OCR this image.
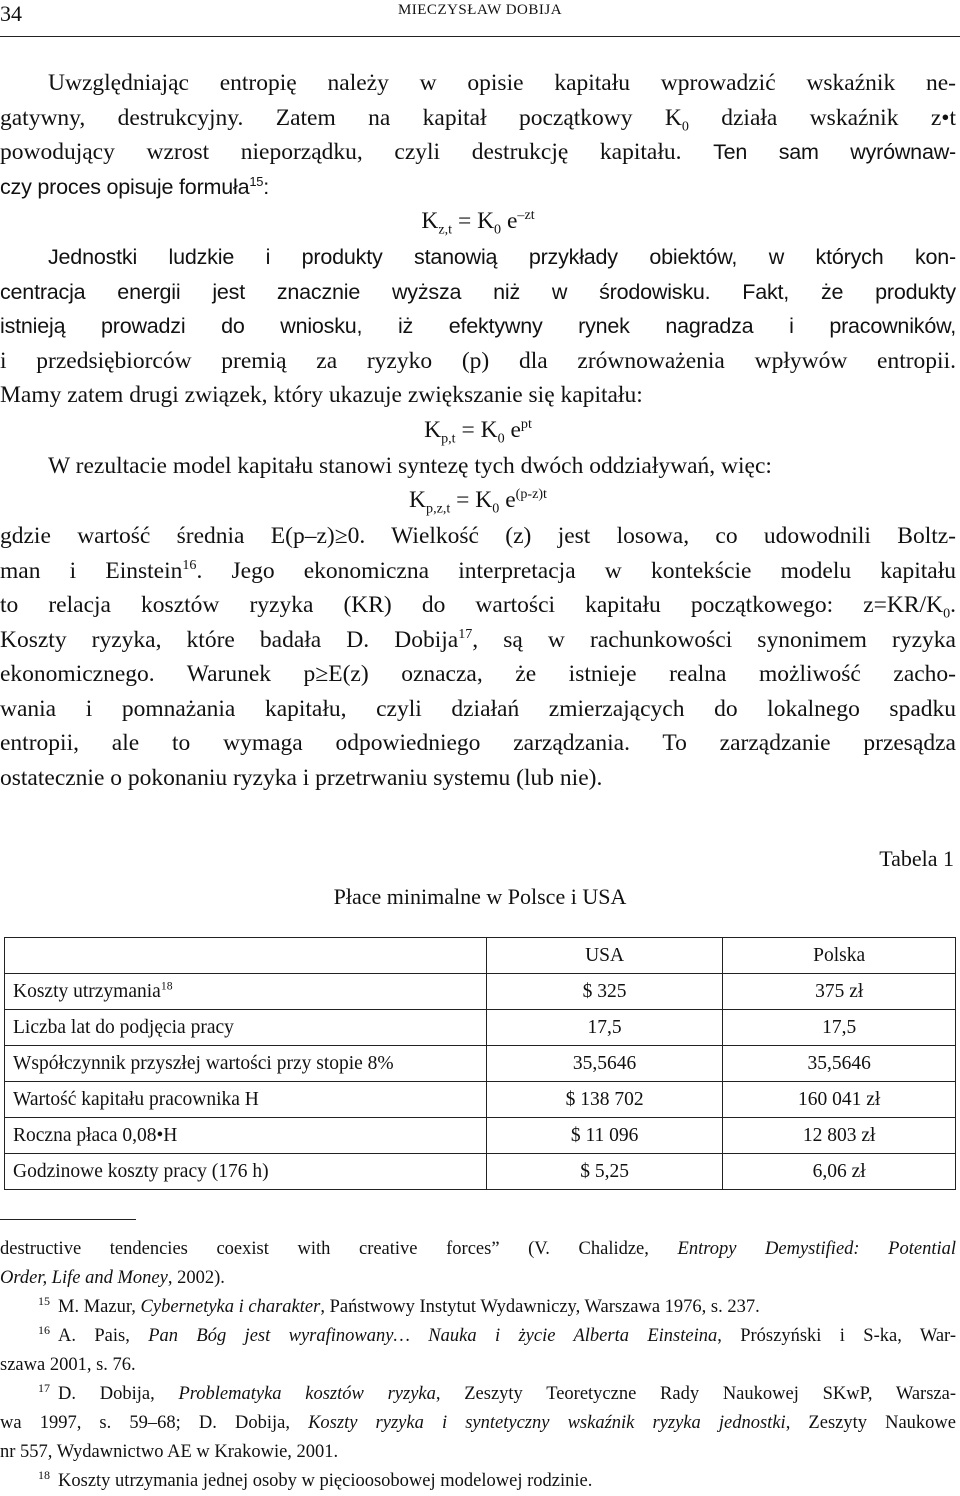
34	MIECZYSŁAW DOBIJA
Uwzględniając entropię należy w opisie kapitału wprowadzić wskaźnik ne-
gatywny, destrukcyjny. Zatem na kapitał początkowy $K_0$ działa wskaźnik z•t
powodujący wzrost nieporządku, czyli destrukcję kapitału. Ten sam wyrównaw-
czy proces opisuje formuła$^{15}$:
$K_{z,t} = K_0$ $e^{-zt}$
Jednostki ludzkie i produkty stanowią przykłady obiektów, w których kon-
centracja energii jest znacznie wyższa niż w środowisku. Fakt, że produkty
istnieją prowadzi do wniosku, iż efektywny rynek nagradza i pracowników,
i przedsiębiorców premią za ryzyko (p) dla zrównoważenia wpływów entropii.
Mamy zatem drugi związek, który ukazuje zwiększanie się kapitału:
$K_{p,t} = K_0$ $e^{pt}$
W rezultacie model kapitału stanowi syntezę tych dwóch oddziaływań, więc:
$K_{p,z,t} = K_0$ $e^{(p-z)t}$
gdzie wartość średnia E(p–z)≥0. Wielkość (z) jest losowa, co udowodnili Boltz-
man i Einstein$^{16}$. Jego ekonomiczna interpretacja w kontekście modelu kapitału
to relacja kosztów ryzyka (KR) do wartości kapitału początkowego: $z=KR/K_0$.
Koszty ryzyka, które badała D. Dobija$^{17}$, są w rachunkowości synonimem ryzyka
ekonomicznego. Warunek p≥E(z) oznacza, że istnieje realna możliwość zacho-
wania i pomnażania kapitału, czyli działań zmierzających do lokalnego spadku
entropii, ale to wymaga odpowiedniego zarządzania. To zarządzanie przesądza
ostatecznie o pokonaniu ryzyka i przetrwaniu systemu (lub nie).
Tabela 1
Płace minimalne w Polsce i USA
	USA	Polska
Koszty utrzymania$^{18}$	$ 325	375 zł
Liczba lat do podjęcia pracy	17,5	17,5
Współczynnik przyszłej wartości przy stopie 8%	35,5646	35,5646
Wartość kapitału pracownika H	$ 138 702	160 041 zł
Roczna płaca 0,08•H	$ 11 096	12 803 zł
Godzinowe koszty pracy (176 h)	$ 5,25	6,06 zł
destructive tendencies coexist with creative forces” (V. Chalidze, Entropy Demystified: Potential
Order, Life and Money, 2002).
$^{15}$ M. Mazur, Cybernetyka i charakter, Państwowy Instytut Wydawniczy, Warszawa 1976, s. 237.
$^{16}$ A. Pais, Pan Bóg jest wyrafinowany… Nauka i życie Alberta Einsteina, Prószyński i S-ka, War-
szawa 2001, s. 76.
$^{17}$ D. Dobija, Problematyka kosztów ryzyka, Zeszyty Teoretyczne Rady Naukowej SKwP, Warsza-
wa 1997, s. 59–68; D. Dobija, Koszty ryzyka i syntetyczny wskaźnik ryzyka jednostki, Zeszyty Naukowe
nr 557, Wydawnictwo AE w Krakowie, 2001.
$^{18}$ Koszty utrzymania jednej osoby w pięcioosobowej modelowej rodzinie.
